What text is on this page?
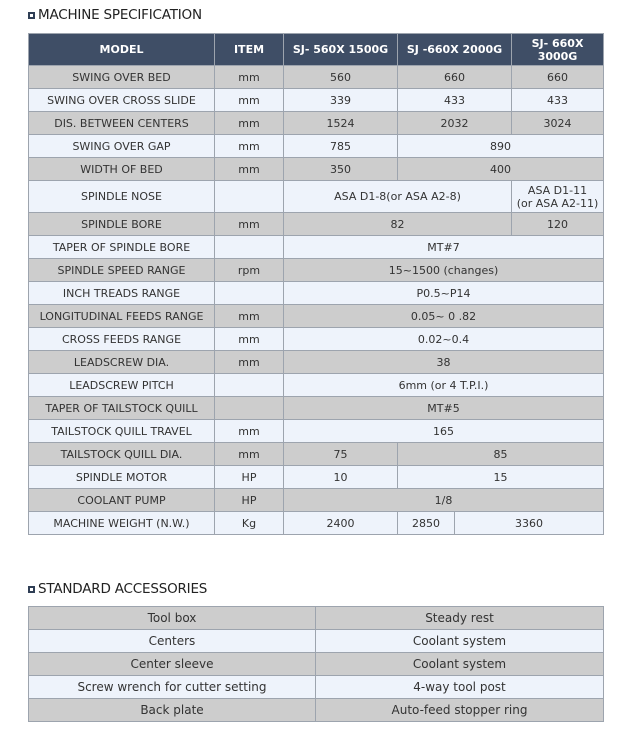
MACHINE SPECIFICATION
MODEL	ITEM	SJ- 560X 1500G	SJ -660X 2000G		SJ- 660X 3000G
SWING OVER BED	mm	560	660		660
SWING OVER CROSS SLIDE	mm	339	433		433
DIS. BETWEEN CENTERS	mm	1524	2032		3024
SWING OVER GAP	mm	785	890		
WIDTH OF BED	mm	350	400		
SPINDLE NOSE		ASA D1-8(or ASA A2-8)			ASA D1-11
(or ASA A2-11)

SPINDLE BORE	mm	82			120
TAPER OF SPINDLE BORE		MT#7			
SPINDLE SPEED RANGE	rpm	15~1500 (changes)			
INCH TREADS RANGE		P0.5~P14			
LONGITUDINAL FEEDS RANGE	mm	0.05~ 0 .82			
CROSS FEEDS RANGE	mm	0.02~0.4			
LEADSCREW DIA.	mm	38			
LEADSCREW PITCH		6mm (or 4 T.P.I.)			
TAPER OF TAILSTOCK QUILL		MT#5			
TAILSTOCK QUILL TRAVEL	mm	165			
TAILSTOCK QUILL DIA.	mm	75	85		
SPINDLE MOTOR	HP	10	15		
COOLANT PUMP	HP	1/8			
MACHINE WEIGHT (N.W.)	Kg	2400	2850	3360	
STANDARD ACCESSORIES
Tool box	Steady rest
Centers	Coolant system
Center sleeve	Coolant system
Screw wrench for cutter setting	4-way tool post
Back plate	Auto-feed stopper ring
